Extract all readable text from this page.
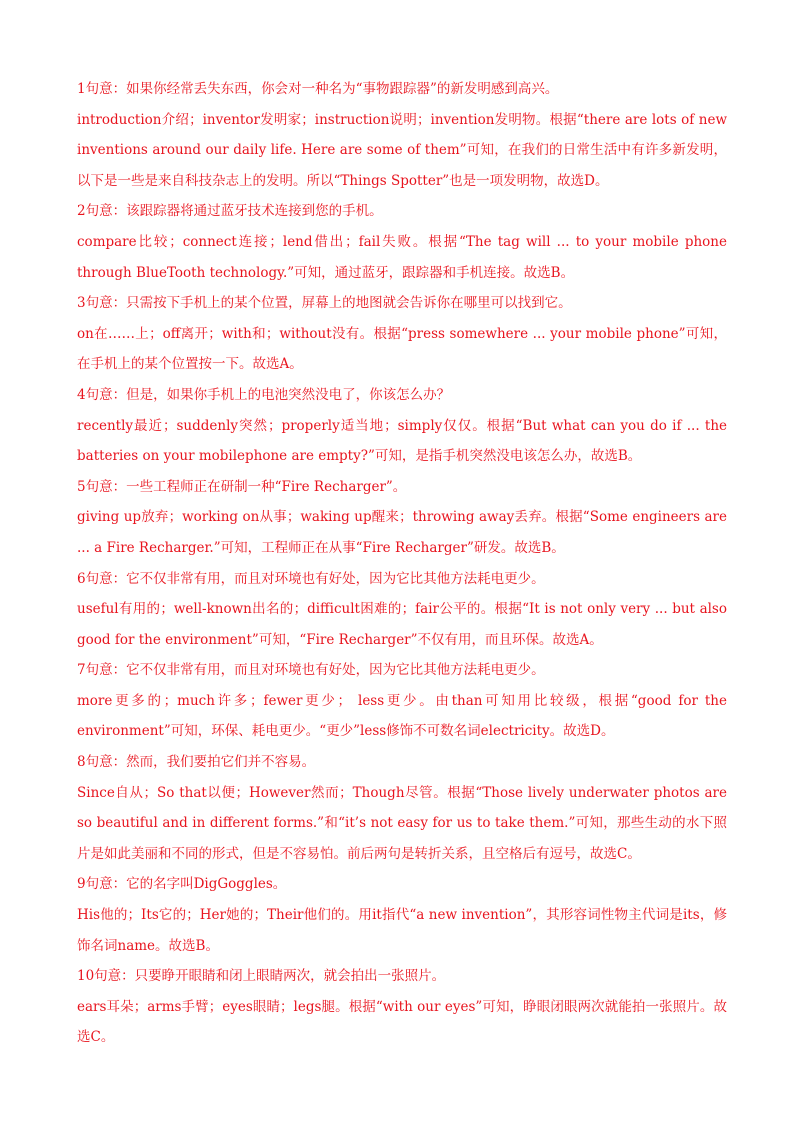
1句意：如果你经常丢失东西，你会对一种名为“事物跟踪器”的新发明感到高兴。

introduction介绍；inventor发明家；instruction说明；invention发明物。根据“there are lots of new inventions around our daily life. Here are some of them”可知，在我们的日常生活中有许多新发明，以下是一些是来自科技杂志上的发明。所以“Things Spotter”也是一项发明物，故选D。

2句意：该跟踪器将通过蓝牙技术连接到您的手机。

compare比较；connect连接；lend借出；fail失败。根据“The tag will ... to your mobile phone through BlueTooth technology.”可知，通过蓝牙，跟踪器和手机连接。故选B。

3句意：只需按下手机上的某个位置，屏幕上的地图就会告诉你在哪里可以找到它。

on在……上；off离开；with和；without没有。根据“press somewhere ... your mobile phone”可知，在手机上的某个位置按一下。故选A。

4句意：但是，如果你手机上的电池突然没电了，你该怎么办？

recently最近；suddenly突然；properly适当地；simply仅仅。根据“But what can you do if ... the batteries on your mobilephone are empty?”可知，是指手机突然没电该怎么办，故选B。

5句意：一些工程师正在研制一种“Fire Recharger”。

giving up放弃；working on从事；waking up醒来；throwing away丢弃。根据“Some engineers are ... a Fire Recharger.”可知，工程师正在从事“Fire Recharger”研发。故选B。

6句意：它不仅非常有用，而且对环境也有好处，因为它比其他方法耗电更少。

useful有用的；well-known出名的；difficult困难的；fair公平的。根据“It is not only very ... but also good for the environment”可知，“Fire Recharger”不仅有用，而且环保。故选A。

7句意：它不仅非常有用，而且对环境也有好处，因为它比其他方法耗电更少。

more更多的；much许多；fewer更少； less更少。由than可知用比较级，根据“good for the environment”可知，环保、耗电更少。“更少”less修饰不可数名词electricity。故选D。

8句意：然而，我们要拍它们并不容易。

Since自从；So that以便；However然而；Though尽管。根据“Those lively underwater photos are so beautiful and in different forms.”和“it’s not easy for us to take them.”可知，那些生动的水下照片是如此美丽和不同的形式，但是不容易怕。前后两句是转折关系，且空格后有逗号，故选C。

9句意：它的名字叫DigGoggles。

His他的；Its它的；Her她的；Their他们的。用it指代“a new invention”，其形容词性物主代词是its，修饰名词name。故选B。

10句意：只要睁开眼睛和闭上眼睛两次，就会拍出一张照片。

ears耳朵；arms手臂；eyes眼睛；legs腿。根据“with our eyes”可知，睁眼闭眼两次就能拍一张照片。故选C。
